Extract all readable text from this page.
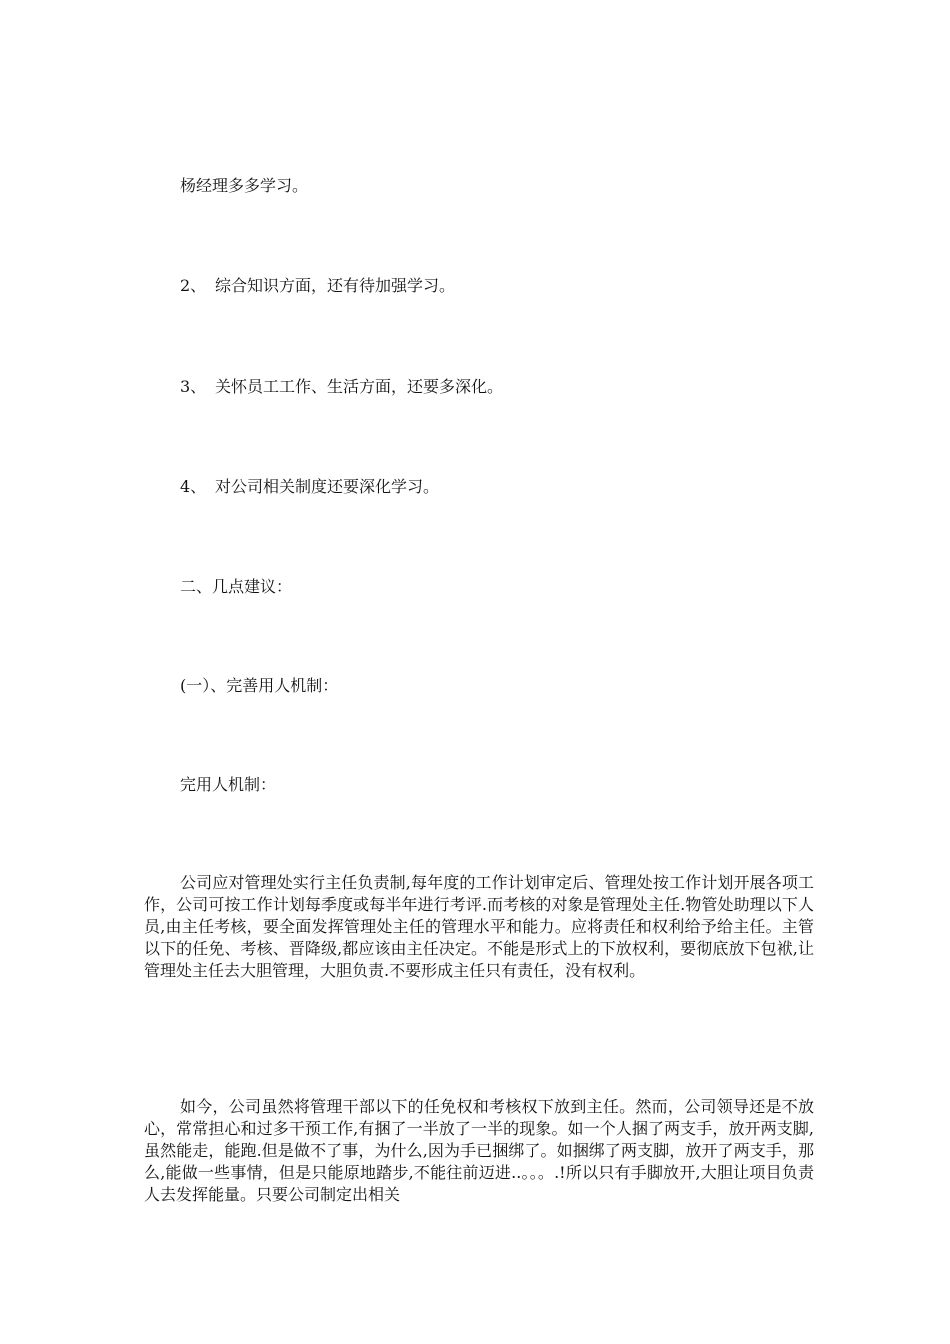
杨经理多多学习。
2、 综合知识方面，还有待加强学习。
3、 关怀员工工作、生活方面，还要多深化。
4、 对公司相关制度还要深化学习。
二、几点建议：
(一）、完善用人机制：
完用人机制：

公司应对管理处实行主任负责制,每年度的工作计划审定后、管理处按工作计划开展各项工作，公司可按工作计划每季度或每半年进行考评.而考核的对象是管理处主任.物管处助理以下人员,由主任考核，要全面发挥管理处主任的管理水平和能力。应将责任和权利给予给主任。主管以下的任免、考核、晋降级,都应该由主任决定。不能是形式上的下放权利，要彻底放下包袱,让管理处主任去大胆管理，大胆负责.不要形成主任只有责任，没有权利。

如今，公司虽然将管理干部以下的任免权和考核权下放到主任。然而，公司领导还是不放心，常常担心和过多干预工作,有捆了一半放了一半的现象。如一个人捆了两支手，放开两支脚,虽然能走，能跑.但是做不了事，为什么,因为手已捆绑了。如捆绑了两支脚，放开了两支手，那么,能做一些事情，但是只能原地踏步,不能往前迈进..。。。.!所以只有手脚放开,大胆让项目负责人去发挥能量。只要公司制定出相关
